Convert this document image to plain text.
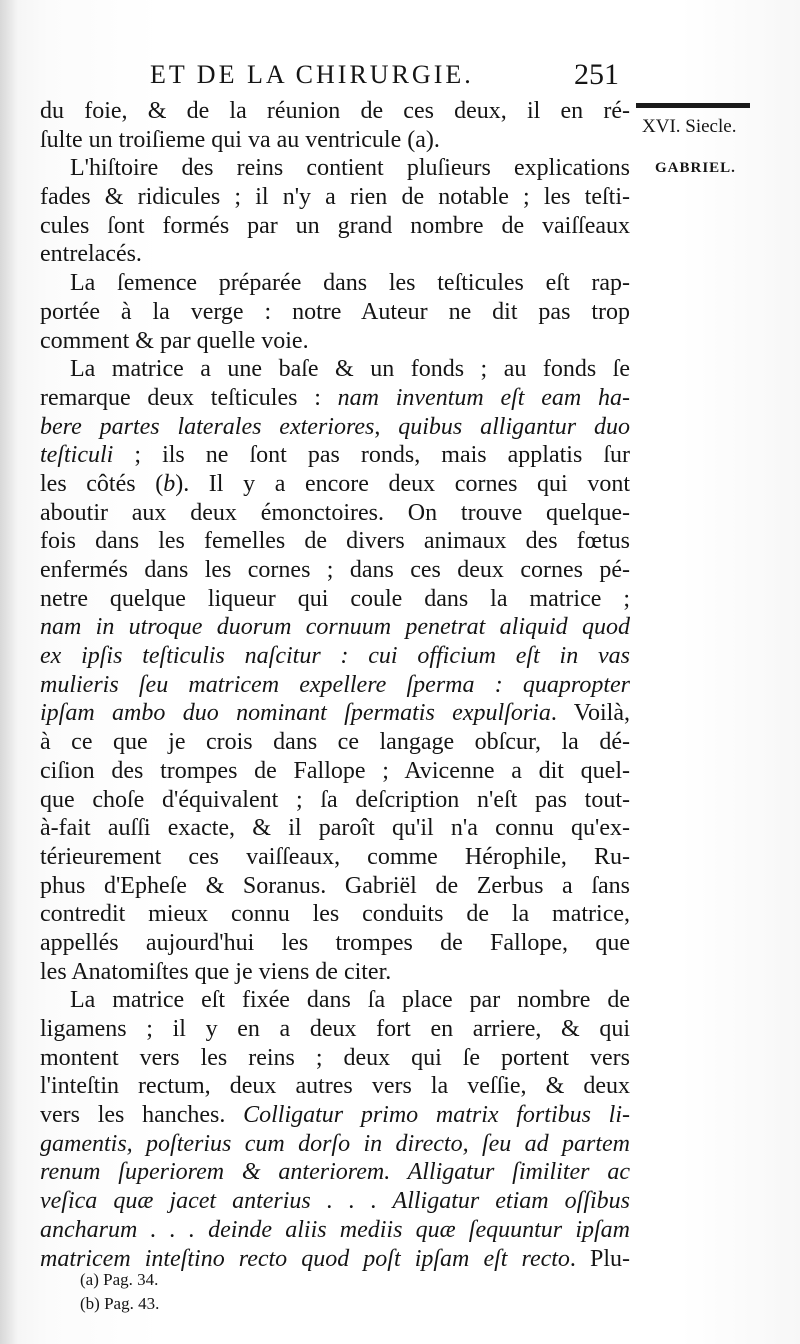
ET DE LA CHIRURGIE.	251
XVI. Siecle.
GABRIEL.
du foie, & de la réunion de ces deux, il en ré-
ſulte un troiſieme qui va au ventricule (a).
L'hiſtoire des reins contient pluſieurs explications
fades & ridicules ; il n'y a rien de notable ; les teſti-
cules ſont formés par un grand nombre de vaiſſeaux
entrelacés.
La ſemence préparée dans les teſticules eſt rap-
portée à la verge : notre Auteur ne dit pas trop
comment & par quelle voie.
La matrice a une baſe & un fonds ; au fonds ſe
remarque deux teſticules : nam inventum eſt eam ha-
bere partes laterales exteriores, quibus alligantur duo
teſticuli ; ils ne ſont pas ronds, mais applatis ſur
les côtés (b). Il y a encore deux cornes qui vont
aboutir aux deux émonctoires. On trouve quelque-
fois dans les femelles de divers animaux des fœtus
enfermés dans les cornes ; dans ces deux cornes pé-
netre quelque liqueur qui coule dans la matrice ;
nam in utroque duorum cornuum penetrat aliquid quod
ex ipſis teſticulis naſcitur : cui officium eſt in vas
mulieris ſeu matricem expellere ſperma : quapropter
ipſam ambo duo nominant ſpermatis expulſoria. Voilà,
à ce que je crois dans ce langage obſcur, la dé-
ciſion des trompes de Fallope ; Avicenne a dit quel-
que choſe d'équivalent ; ſa deſcription n'eſt pas tout-
à-fait auſſi exacte, & il paroît qu'il n'a connu qu'ex-
térieurement ces vaiſſeaux, comme Hérophile, Ru-
phus d'Epheſe & Soranus. Gabriël de Zerbus a ſans
contredit mieux connu les conduits de la matrice,
appellés aujourd'hui les trompes de Fallope, que
les Anatomiſtes que je viens de citer.
La matrice eſt fixée dans ſa place par nombre de
ligamens ; il y en a deux fort en arriere, & qui
montent vers les reins ; deux qui ſe portent vers
l'inteſtin rectum, deux autres vers la veſſie, & deux
vers les hanches. Colligatur primo matrix fortibus li-
gamentis, poſterius cum dorſo in directo, ſeu ad partem
renum ſuperiorem & anteriorem. Alligatur ſimiliter ac
veſica quæ jacet anterius . . . Alligatur etiam oſſibus
ancharum . . . deinde aliis mediis quæ ſequuntur ipſam
matricem inteſtino recto quod poſt ipſam eſt recto. Plu-
(a) Pag. 34.
(b) Pag. 43.
